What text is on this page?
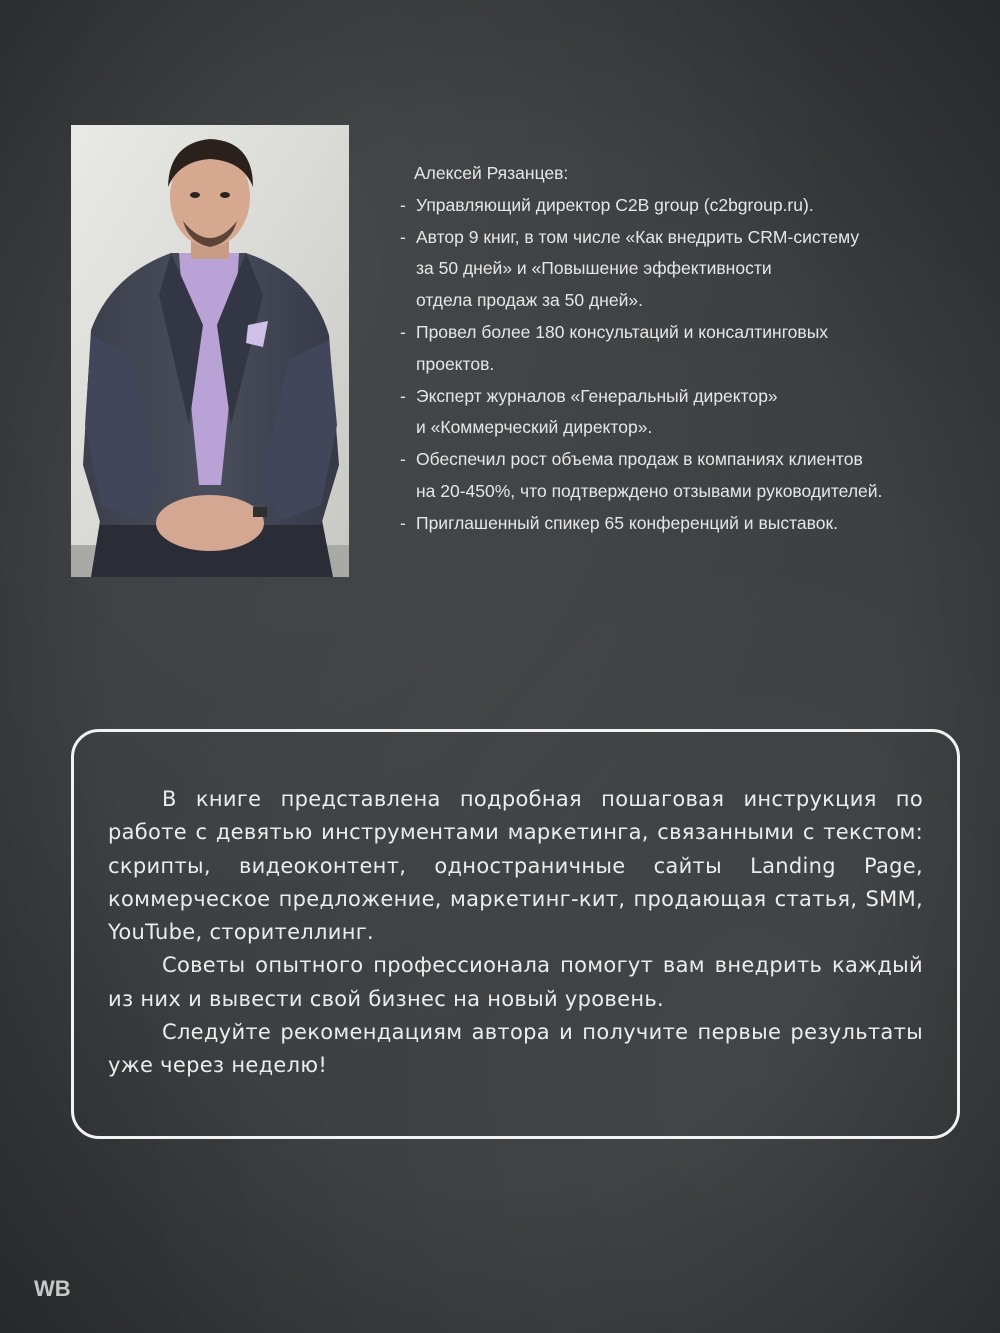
Алексей Рязанцев:
- Управляющий директор C2B group (c2bgroup.ru).
- Автор 9 книг, в том числе «Как внедрить CRM-систему
за 50 дней» и «Повышение эффективности
отдела продаж за 50 дней».
- Провел более 180 консультаций и консалтинговых
проектов.
- Эксперт журналов «Генеральный директор»
и «Коммерческий директор».
- Обеспечил рост объема продаж в компаниях клиентов
на 20-450%, что подтверждено отзывами руководителей.
- Приглашенный спикер 65 конференций и выставок.

В книге представлена подробная пошаговая инструкция по работе с девятью инструментами маркетинга, связанными с текстом: скрипты, видеоконтент, одностраничные сайты Landing Page, коммерческое предложение, маркетинг-кит, продающая статья, SMM, YouTube, сторителлинг.

Советы опытного профессионала помогут вам внедрить каждый из них и вывести свой бизнес на новый уровень.

Следуйте рекомендациям автора и получите первые результаты уже через неделю!

WB
